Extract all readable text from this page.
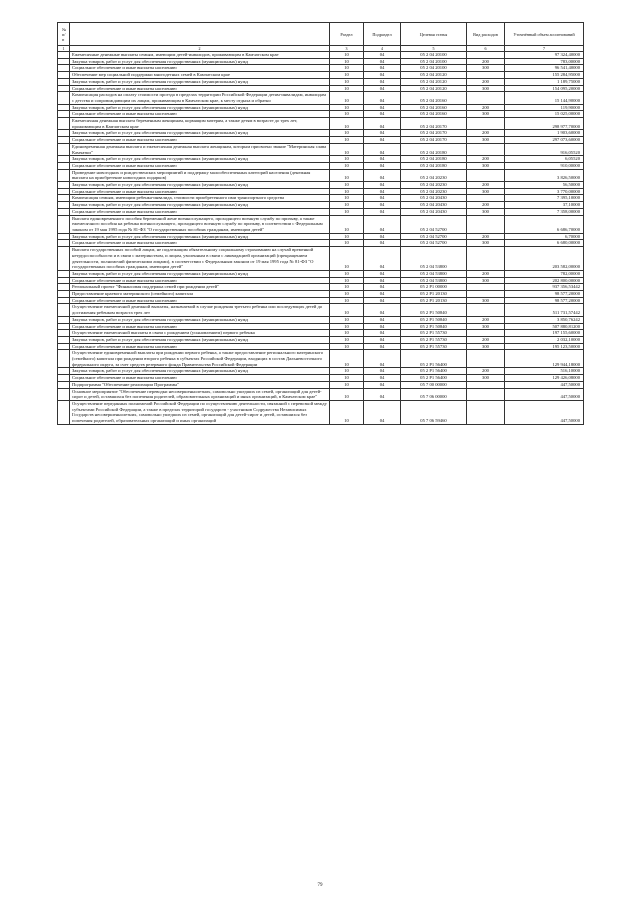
№ п/п		Раздел	Подраздел	Целевая статья	Вид расходов	Уточнённый объем ассигнований
1	2	3	4	5	6	7
	Ежемесячные денежные выплаты семьям, имеющим детей-инвалидов, проживающим в Камчатском крае	10	04	05 2 04 20100		97 324,40000
	Закупка товаров, работ и услуг для обеспечения государственных (муниципальных) нужд	10	04	05 2 04 20100	200	783,00000
	Социальное обеспечение и иные выплаты населению	10	04	05 2 04 20100	300	96 541,40000
	Обеспечение мер социальной поддержки многодетных семей в Камчатском крае	10	04	05 2 04 20120		155 284,95000
	Закупка товаров, работ и услуг для обеспечения государственных (муниципальных) нужд	10	04	05 2 04 20120	200	1 189,75000
	Социальное обеспечение и иные выплаты населению	10	04	05 2 04 20120	300	154 095,20000
	Компенсация расходов на оплату стоимости проезда в пределах территории Российской Федерации детям-инвалидам, инвалидам с детства и сопровождающим их лицам, проживающим в Камчатском крае, к месту отдыха и обратно	10	04	05 2 04 20160		15 144,90000
	Закупка товаров, работ и услуг для обеспечения государственных (муниципальных) нужд	10	04	05 2 04 20160	200	119,90000
	Социальное обеспечение и иные выплаты населению	10	04	05 2 04 20160	300	15 025,00000
	Ежемесячная денежная выплата беременным женщинам, кормящим матерям, а также детям в возрасте до трех лет, проживающим в Камчатском крае	10	04	05 2 04 20170		298 977,70000
	Закупка товаров, работ и услуг для обеспечения государственных (муниципальных) нужд	10	04	05 2 04 20170	200	1 903,60000
	Социальное обеспечение и иные выплаты населению	10	04	05 2 04 20170	300	297 073,60000
	Единовременная денежная выплата и ежемесячная денежная выплата женщинам, которым присвоено звание "Материнская слава Камчатки"	10	04	05 2 04 20180		916,05520
	Закупка товаров, работ и услуг для обеспечения государственных (муниципальных) нужд	10	04	05 2 04 20180	200	6,05520
	Социальное обеспечение и иные выплаты населению	10	04	05 2 04 20180	300	910,00000
	Проведение новогодних и рождественских мероприятий и поддержку малообеспеченных категорий населения (денежная выплата на приобретение новогодних подарков)	10	04	05 2 04 20230		3 826,50000
	Закупка товаров, работ и услуг для обеспечения государственных (муниципальных) нужд	10	04	05 2 04 20230	200	56,50000
	Социальное обеспечение и иные выплаты населению	10	04	05 2 04 20230	300	3 770,00000
	Компенсация семьям, имеющим ребенка-инвалида, стоимости приобретенного ими транспортного средства	10	04	05 2 04 20430		7 395,10000
	Закупка товаров, работ и услуг для обеспечения государственных (муниципальных) нужд	10	04	05 2 04 20430	200	37,10000
	Социальное обеспечение и иные выплаты населению	10	04	05 2 04 20430	300	7 358,00000
	Выплата единовременного пособия беременной жене военнослужащего, проходящего военную службу по призыву, а также ежемесячного пособия на ребенка военнослужащего, проходящего военную службу по призыву, в соответствии с Федеральным законом от 19 мая 1995 года № 81-ФЗ "О государственных пособиях гражданам, имеющим детей"	10	04	05 2 04 52700		6 686,70000
	Закупка товаров, работ и услуг для обеспечения государственных (муниципальных) нужд	10	04	05 2 04 52700	200	6,70000
	Социальное обеспечение и иные выплаты населению	10	04	05 2 04 52700	300	6 680,00000
	Выплата государственных пособий лицам, не подлежащим обязательному социальному страхованию на случай временной нетрудоспособности и в связи с материнством, и лицам, уволенным в связи с ликвидацией организаций (прекращением деятельности, полномочий физическими лицами), в соответствии с Федеральным законом от 19 мая 1995 года № 81-ФЗ "О государственных пособиях гражданам, имеющим детей"	10	04	05 2 04 53800		203 582,00000
	Закупка товаров, работ и услуг для обеспечения государственных (муниципальных) нужд	10	04	05 2 04 53800	200	782,00000
	Социальное обеспечение и иные выплаты населению	10	04	05 2 04 53800	300	202 800,00000
	Региональный проект "Финансовая поддержка семей при рождении детей"	10	04	05 2 P1 00000		937 356,53442
	Предоставление краевого материнского (семейного) капитала	10	04	05 2 P1 20130		98 577,20000
	Социальное обеспечение и иные выплаты населению	10	04	05 2 P1 20130	300	98 577,20000
	Осуществление ежемесячной денежной выплаты, назначаемой в случае рождения третьего ребенка или последующих детей до достижения ребенком возраста трех лет	10	04	05 2 P1 50840		511 731,57442
	Закупка товаров, работ и услуг для обеспечения государственных (муниципальных) нужд	10	04	05 2 P1 50840	200	3 850,76242
	Социальное обеспечение и иные выплаты населению	10	04	05 2 P1 50840	300	507 880,81200
	Осуществление ежемесячной выплаты в связи с рождением (усыновлением) первого ребенка	10	04	05 2 P1 55730		197 155,60000
	Закупка товаров, работ и услуг для обеспечения государственных (муниципальных) нужд	10	04	05 2 P1 55730	200	2 032,10000
	Социальное обеспечение и иные выплаты населению	10	04	05 2 P1 55730	300	195 123,50000
	Осуществление единовременной выплаты при рождении первого ребенка, а также предоставление регионального материнского (семейного) капитала при рождении второго ребенка в субъектах Российской Федерации, входящих в состав Дальневосточного федерального округа, за счет средств резервного фонда Правительства Российской Федерации	10	04	05 2 P1 56400		129 944,18000
	Закупка товаров, работ и услуг для обеспечения государственных (муниципальных) нужд	10	04	05 2 P1 56400	200	516,10000
	Социальное обеспечение и иные выплаты населению	10	04	05 2 P1 56400	300	129 426,08000
	Подпрограмма "Обеспечение реализации Программы"	10	04	05 7 00 00000		447,50000
	Основное мероприятие "Обеспечение переводки несовершеннолетних, самовольно ушедших из семей, организаций для детей-сирот и детей, оставшихся без попечения родителей, образовательных организаций и иных организаций, в Камчатском крае"	10	04	05 7 06 00000		447,50000
	Осуществление переданных полномочий Российской Федерации по осуществлению деятельности, связанной с перевозкой между субъектами Российской Федерации, а также в пределах территорий государств - участников Содружества Независимых Государств несовершеннолетних, самовольно ушедших из семей, организаций для детей-сирот и детей, оставшихся без попечения родителей, образовательных организаций и иных организаций	10	04	05 7 06 59460		447,50000
79
